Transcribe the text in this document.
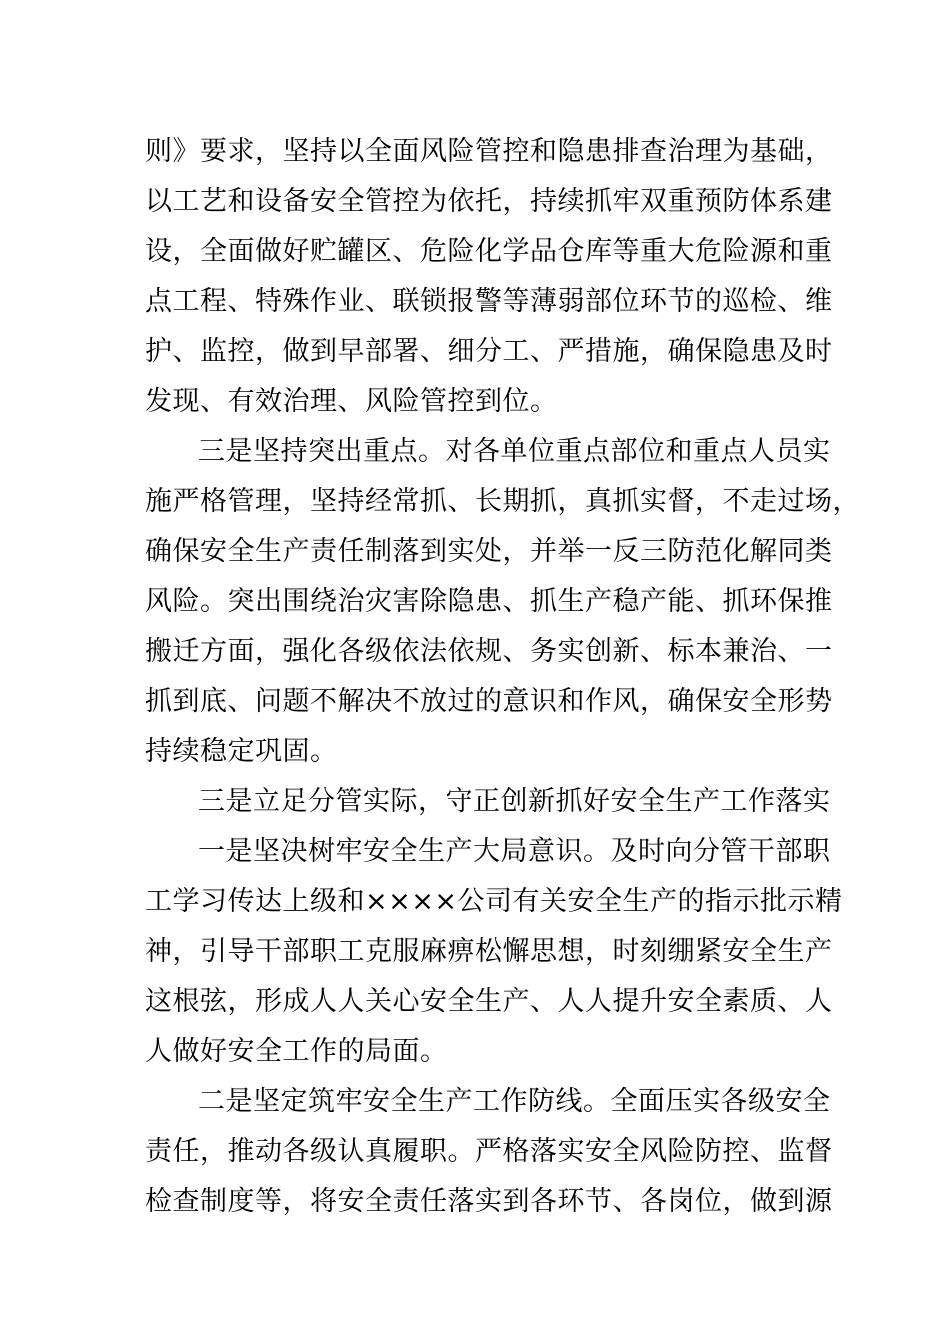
则》要求，坚持以全面风险管控和隐患排查治理为基础，
以工艺和设备安全管控为依托，持续抓牢双重预防体系建
设，全面做好贮罐区、危险化学品仓库等重大危险源和重
点工程、特殊作业、联锁报警等薄弱部位环节的巡检、维
护、监控，做到早部署、细分工、严措施，确保隐患及时
发现、有效治理、风险管控到位。
三是坚持突出重点。对各单位重点部位和重点人员实
施严格管理，坚持经常抓、长期抓，真抓实督，不走过场，
确保安全生产责任制落到实处，并举一反三防范化解同类
风险。突出围绕治灾害除隐患、抓生产稳产能、抓环保推
搬迁方面，强化各级依法依规、务实创新、标本兼治、一
抓到底、问题不解决不放过的意识和作风，确保安全形势
持续稳定巩固。
三是立足分管实际，守正创新抓好安全生产工作落实
一是坚决树牢安全生产大局意识。及时向分管干部职
工学习传达上级和××××公司有关安全生产的指示批示精
神，引导干部职工克服麻痹松懈思想，时刻绷紧安全生产
这根弦，形成人人关心安全生产、人人提升安全素质、人
人做好安全工作的局面。
二是坚定筑牢安全生产工作防线。全面压实各级安全
责任，推动各级认真履职。严格落实安全风险防控、监督
检查制度等，将安全责任落实到各环节、各岗位，做到源
